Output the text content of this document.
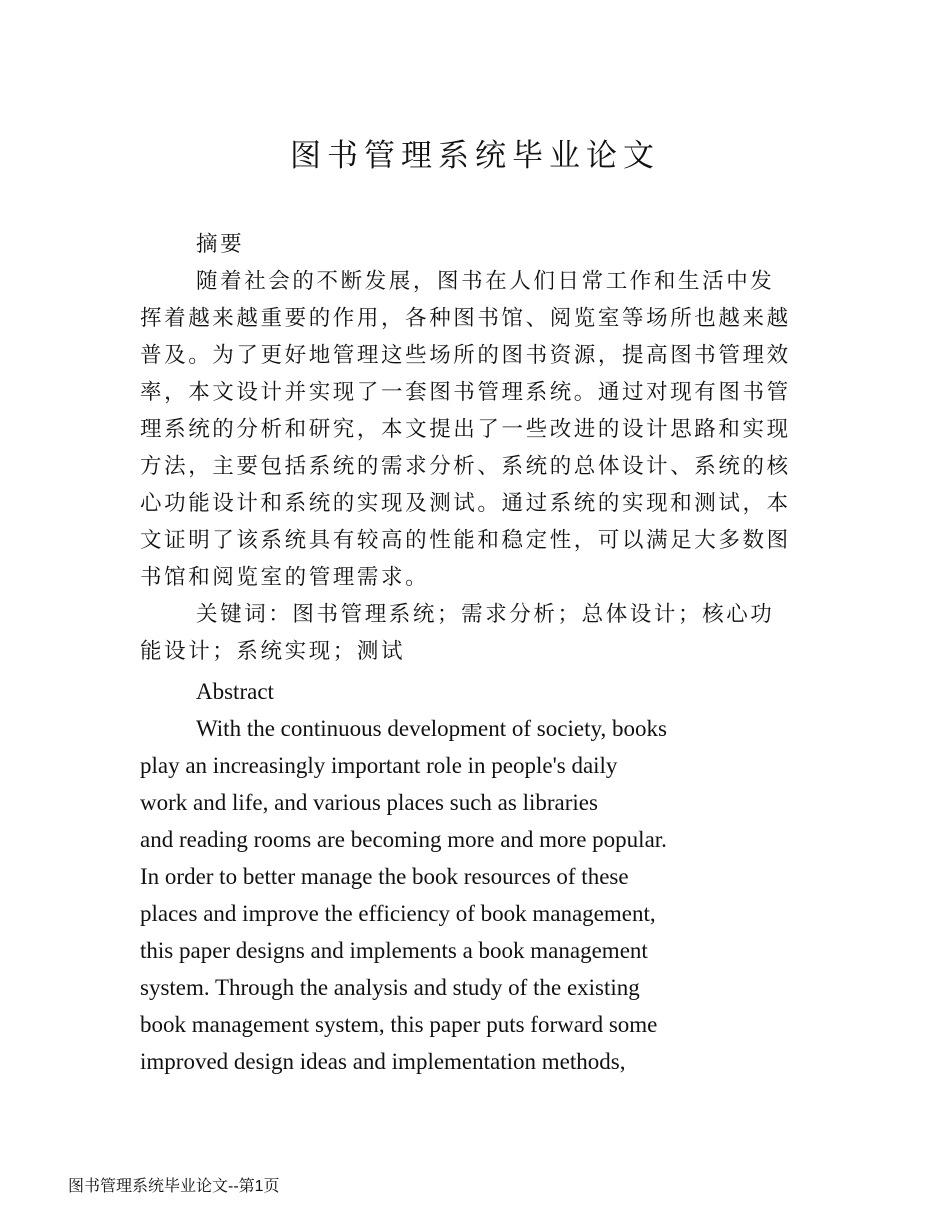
图书管理系统毕业论文
摘要
随着社会的不断发展，图书在人们日常工作和生活中发
挥着越来越重要的作用，各种图书馆、阅览室等场所也越来越
普及。为了更好地管理这些场所的图书资源，提高图书管理效
率，本文设计并实现了一套图书管理系统。通过对现有图书管
理系统的分析和研究，本文提出了一些改进的设计思路和实现
方法，主要包括系统的需求分析、系统的总体设计、系统的核
心功能设计和系统的实现及测试。通过系统的实现和测试，本
文证明了该系统具有较高的性能和稳定性，可以满足大多数图
书馆和阅览室的管理需求。
关键词：图书管理系统；需求分析；总体设计；核心功
能设计；系统实现；测试
Abstract
With the continuous development of society, books
play an increasingly important role in people's daily
work and life, and various places such as libraries
and reading rooms are becoming more and more popular.
In order to better manage the book resources of these
places and improve the efficiency of book management,
this paper designs and implements a book management
system. Through the analysis and study of the existing
book management system, this paper puts forward some
improved design ideas and implementation methods,
图书管理系统毕业论文--第1页
